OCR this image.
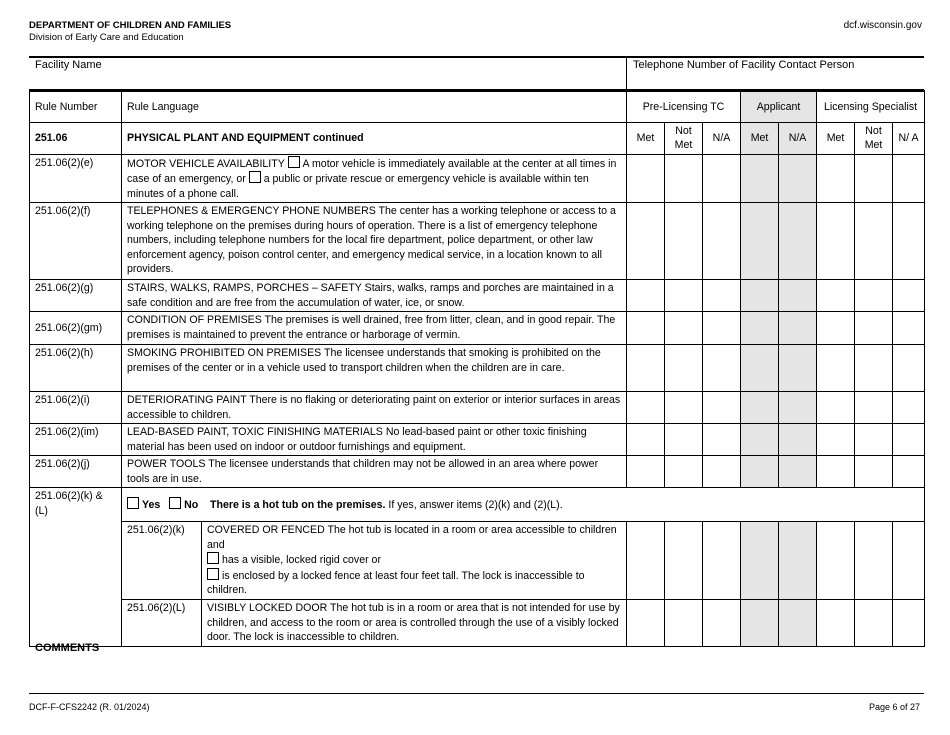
DEPARTMENT OF CHILDREN AND FAMILIES
Division of Early Care and Education
dcf.wisconsin.gov
Facility Name	Telephone Number of Facility Contact Person
Rule Number	Rule Language		Pre-Licensing TC			Applicant		Licensing Specialist		
251.06	PHYSICAL PLANT AND EQUIPMENT continued		Met	Not Met	N/A	Met	N/A	Met	Not Met	N/ A
251.06(2)(e)	MOTOR VEHICLE AVAILABILITY A motor vehicle is immediately available at the center at all times in case of an emergency, or a public or private rescue or emergency vehicle is available within ten minutes of a phone call.									
251.06(2)(f)	TELEPHONES & EMERGENCY PHONE NUMBERS The center has a working telephone or access to a working telephone on the premises during hours of operation. There is a list of emergency telephone numbers, including telephone numbers for the local fire department, police department, or other law enforcement agency, poison control center, and emergency medical service, in a location known to all providers.									
251.06(2)(g)	STAIRS, WALKS, RAMPS, PORCHES – SAFETY Stairs, walks, ramps and porches are maintained in a safe condition and are free from the accumulation of water, ice, or snow.									
251.06(2)(gm)	CONDITION OF PREMISES The premises is well drained, free from litter, clean, and in good repair. The premises is maintained to prevent the entrance or harborage of vermin.									
251.06(2)(h)	SMOKING PROHIBITED ON PREMISES The licensee understands that smoking is prohibited on the premises of the center or in a vehicle used to transport children when the children are in care.									
251.06(2)(i)	DETERIORATING PAINT There is no flaking or deteriorating paint on exterior or interior surfaces in areas accessible to children.									
251.06(2)(im)	LEAD-BASED PAINT, TOXIC FINISHING MATERIALS No lead-based paint or other toxic finishing material has been used on indoor or outdoor furnishings and equipment.									
251.06(2)(j)	POWER TOOLS The licensee understands that children may not be allowed in an area where power tools are in use.									
251.06(2)(k) & (L)	Yes No There is a hot tub on the premises. If yes, answer items (2)(k) and (2)(L).									
	251.06(2)(k)	COVERED OR FENCED The hot tub is located in a room or area accessible to children and
has a visible, locked rigid cover or
is enclosed by a locked fence at least four feet tall. The lock is inaccessible to children.								
	251.06(2)(L)	VISIBLY LOCKED DOOR The hot tub is in a room or area that is not intended for use by children, and access to the room or area is controlled through the use of a visibly locked door. The lock is inaccessible to children.								
COMMENTS
DCF-F-CFS2242 (R. 01/2024)	Page 6 of 27
